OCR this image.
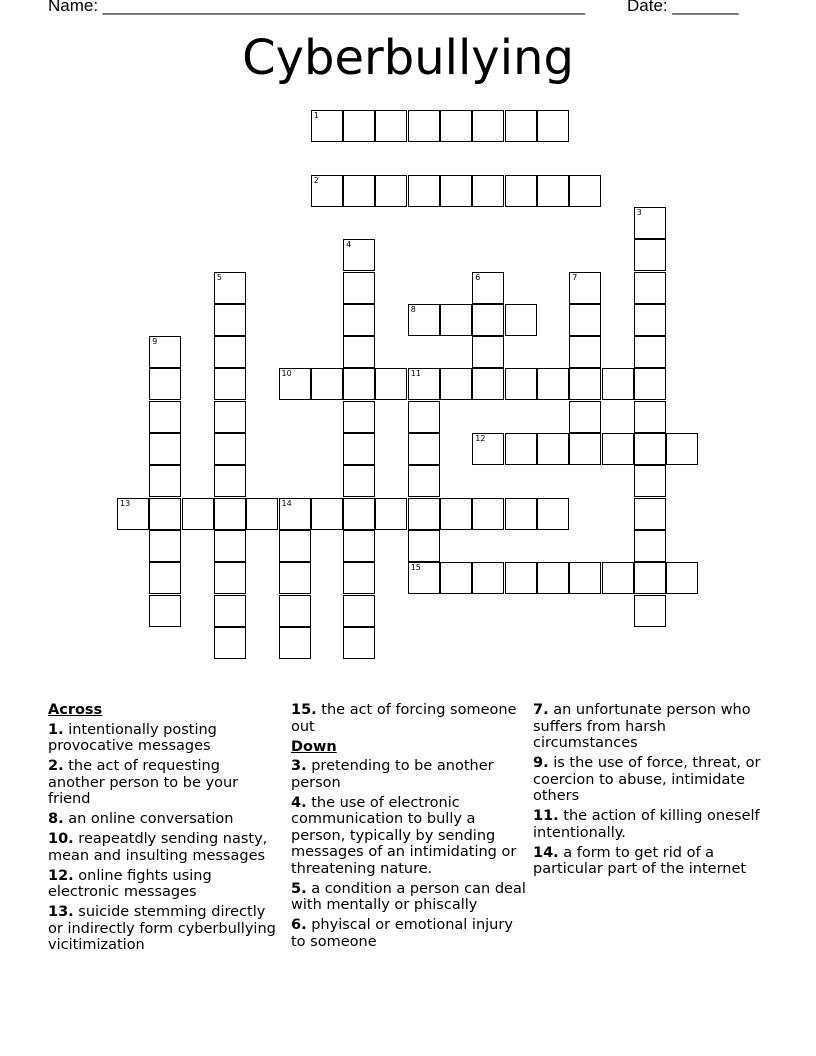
Name: ___________________________________________________ Date: _______
Cyberbullying
1
2
8
10	11
12
13	14
15
3
4
5	6	7
9
Across
1. intentionally posting provocative messages
2. the act of requesting another person to be your friend
8. an online conversation
10. reapeatdly sending nasty, mean and insulting messages
12. online fights using electronic messages
13. suicide stemming directly or indirectly form cyberbullying vicitimization
15. the act of forcing someone out
Down
3. pretending to be another person
4. the use of electronic communication to bully a person, typically by sending messages of an intimidating or threatening nature.
5. a condition a person can deal with mentally or phiscally
6. phyiscal or emotional injury to someone
7. an unfortunate person who suffers from harsh circumstances
9. is the use of force, threat, or coercion to abuse, intimidate others
11. the action of killing oneself intentionally.
14. a form to get rid of a particular part of the internet
